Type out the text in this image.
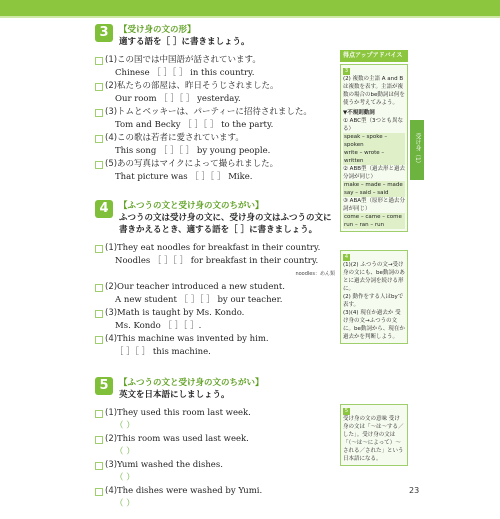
3	【受け身の文の形】
適する語を［ ］に書きましょう。
(1) この国では中国語が話されています。
Chinese ［ ］［ ］ in this country.
(2) 私たちの部屋は、昨日そうじされました。
Our room ［ ］［ ］ yesterday.
(3) トムとベッキーは、パーティーに招待されました。
Tom and Becky ［ ］［ ］ to the party.
(4) この歌は若者に愛されています。
This song ［ ］［ ］ by young people.
(5) あの写真はマイクによって撮られました。
That picture was ［ ］［ ］ Mike.
4	【ふつうの文と受け身の文のちがい】
ふつうの文は受け身の文に、受け身の文はふつうの文に書きかえるとき、適する語を［ ］に書きましょう。
(1) They eat noodles for breakfast in their country.
Noodles ［ ］［ ］ for breakfast in their country.
noodles：めん類
(2) Our teacher introduced a new student.
A new student ［ ］［ ］ by our teacher.
(3) Math is taught by Ms. Kondo.
Ms. Kondo ［ ］［ ］.
(4) This machine was invented by him.
［ ］［ ］ this machine.
5	【ふつうの文と受け身の文のちがい】
英文を日本語にしましょう。
(1) They used this room last week.
（ ）
(2) This room was used last week.
（ ）
(3) Yumi washed the dishes.
（ ）
(4) The dishes were washed by Yumi.
（ ）
得点アップアドバイス
3
(2) 複数の主語 A and B は複数を表す。主語が複数の場合のbe動詞は何を使うか考えてみよう。
▼不規則動詞
① ABC型（3つとも異なる）
speak – spoke – spoken
write – wrote – written
② ABB型（過去形と過去分詞が同じ）
make – made – made
say – said – said
③ ABA型（原形と過去分詞が同じ）
come – came – come
run – ran – run
4
(1)(2) ふつうの文→受け身の文にも、be動詞のあとに過去分詞を続ける形に。
(2) 動作をする人はbyで表す。
(3)(4) 現在か過去か 受け身の文→ふつうの文に。be動詞から、現在か過去かを判断しよう。
5
受け身の文の意味 受け身の文は「〜は〜する／した」。受け身の文は「（〜は〜によって）〜される／された」という日本語になる。
受け身（1）
23
